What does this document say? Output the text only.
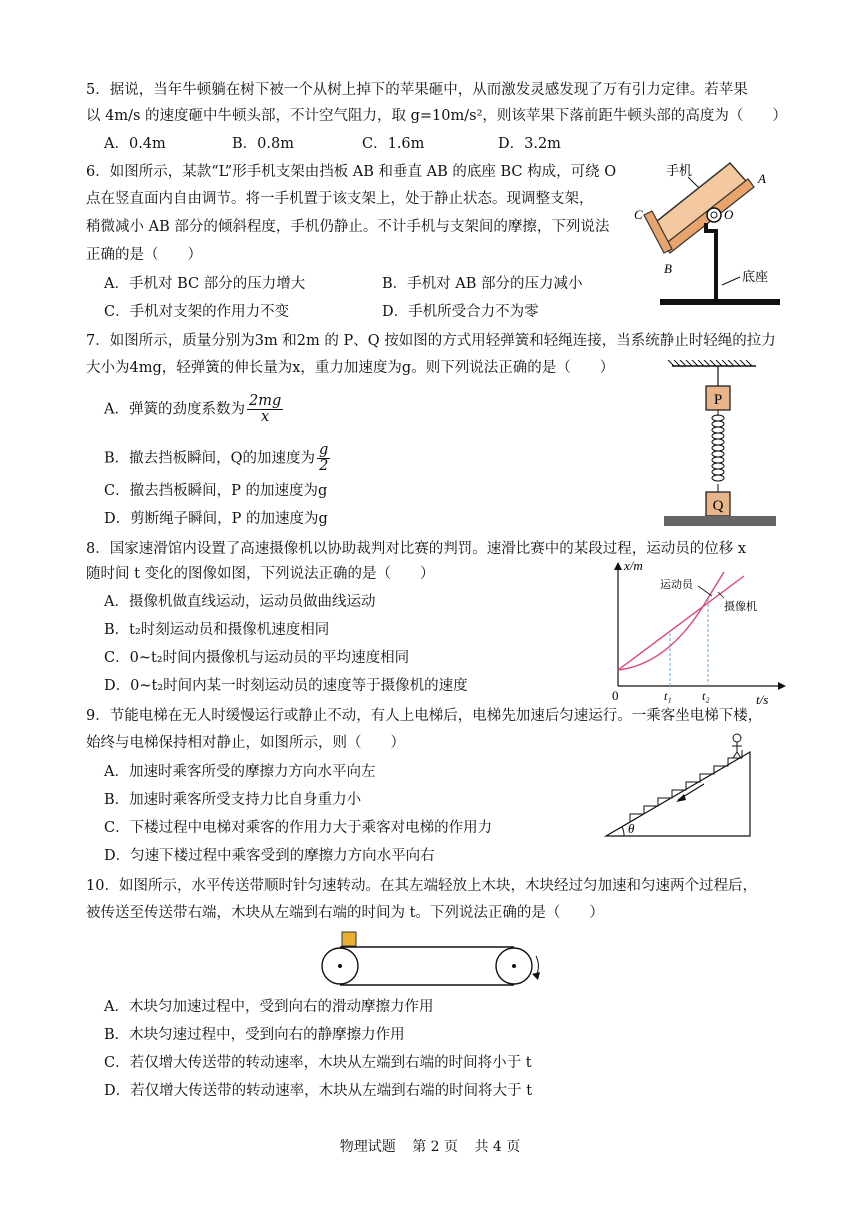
5．据说，当年牛顿躺在树下被一个从树上掉下的苹果砸中，从而激发灵感发现了万有引力定律。若苹果
以 4m/s 的速度砸中牛顿头部，不计空气阻力，取 g=10m/s²，则该苹果下落前距牛顿头部的高度为（　　）
A．0.4m	B．0.8m	C．1.6m	D．3.2m
6．如图所示，某款“L”形手机支架由挡板 AB 和垂直 AB 的底座 BC 构成，可绕 O
点在竖直面内自由调节。将一手机置于该支架上，处于静止状态。现调整支架，
稍微减小 AB 部分的倾斜程度，手机仍静止。不计手机与支架间的摩擦，下列说法
正确的是（　　）
A．手机对 BC 部分的压力增大	B．手机对 AB 部分的压力减小
C．手机对支架的作用力不变	D．手机所受合力不为零
手机
A
C
B
O
底座
7．如图所示，质量分别为3m 和2m 的 P、Q 按如图的方式用轻弹簧和轻绳连接，当系统静止时轻绳的拉力
大小为4mg，轻弹簧的伸长量为x，重力加速度为g。则下列说法正确的是（　　）
A．弹簧的劲度系数为 $\frac{2mg}{x}$
B．撤去挡板瞬间，Q的加速度为 $\frac{g}{2}$
C．撤去挡板瞬间，P 的加速度为g
D．剪断绳子瞬间，P 的加速度为g
P
Q
8．国家速滑馆内设置了高速摄像机以协助裁判对比赛的判罚。速滑比赛中的某段过程，运动员的位移 x
随时间 t 变化的图像如图，下列说法正确的是（　　）
A．摄像机做直线运动，运动员做曲线运动
B．t₂时刻运动员和摄像机速度相同
C．0~t₂时间内摄像机与运动员的平均速度相同
D．0~t₂时间内某一时刻运动员的速度等于摄像机的速度
x/m
t/s
0	t₁	t₂
运动员
摄像机
9．节能电梯在无人时缓慢运行或静止不动，有人上电梯后，电梯先加速后匀速运行。一乘客坐电梯下楼，
始终与电梯保持相对静止，如图所示，则（　　）
A．加速时乘客所受的摩擦力方向水平向左
B．加速时乘客所受支持力比自身重力小
C．下楼过程中电梯对乘客的作用力大于乘客对电梯的作用力
D．匀速下楼过程中乘客受到的摩擦力方向水平向右
θ
10．如图所示，水平传送带顺时针匀速转动。在其左端轻放上木块，木块经过匀加速和匀速两个过程后，
被传送至传送带右端，木块从左端到右端的时间为 t。下列说法正确的是（　　）
A．木块匀加速过程中，受到向右的滑动摩擦力作用
B．木块匀速过程中，受到向右的静摩擦力作用
C．若仅增大传送带的转动速率，木块从左端到右端的时间将小于 t
D．若仅增大传送带的转动速率，木块从左端到右端的时间将大于 t
物理试题 第 2 页 共 4 页
